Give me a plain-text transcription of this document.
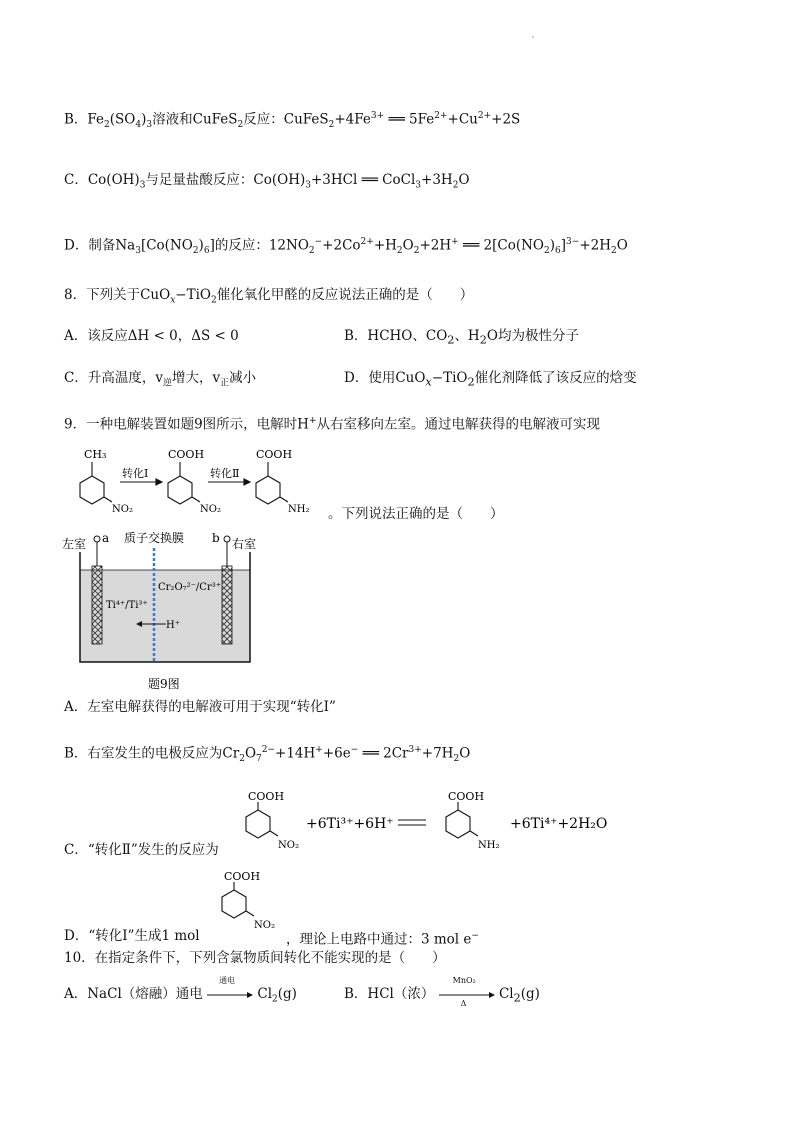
B．$Fe_2(SO_4)_3$溶液和CuFeS$_2$反应：$CuFeS_2+4Fe^{3+}$ ══ $5Fe^{2+}+Cu^{2+}+2S$
C．$Co(OH)_3$与足量盐酸反应：$Co(OH)_3+3HCl$ ══ $CoCl_3+3H_2O$
D．制备$Na_3[Co(NO_2)_6]$的反应：$12NO_2^-+2Co^{2+}+H_2O_2+2H^+$ ══ $2[Co(NO_2)_6]^{3-}+2H_2O$
8．下列关于CuO$_x$−TiO$_2$催化氧化甲醛的反应说法正确的是（　　）
A．该反应ΔH < 0，ΔS < 0	B．HCHO、$CO_2$、$H_2O$均为极性分子
C．升高温度，$v_逆$增大，$v_正$减小	D．使用CuO$_x$−TiO$_2$催化剂降低了该反应的焓变
9．一种电解装置如题9图所示，电解时H+从右室移向左室。通过电解获得的电解液可实现
CH₃
NO₂
转化Ⅰ
COOH
NO₂
转化Ⅱ
COOH
NH₂ 。下列说法正确的是（　　）
左室 a 质子交换膜 b 右室
Ti⁴⁺/Ti³⁺
Cr₂O₇²⁻/Cr³⁺
H⁺
题9图
A．左室电解获得的电解液可用于实现“转化Ⅰ”
B．右室发生的电极反应为$Cr_2O_7^{2-}+14H^++6e^-$ ══ $2Cr^{3+}+7H_2O$
COOH
NO₂
+6Ti³⁺+6H⁺
COOH
NH₂
+6Ti⁴⁺+2H₂O
C．“转化Ⅱ”发生的反应为
COOH
NO₂
D．“转化Ⅰ”生成1 mol	，理论上电路中通过：3 mol e−
10．在指定条件下，下列含氯物质间转化不能实现的是（　　）
A．NaCl（熔融）通电
通电
$Cl_2(g)$	B．HCl（浓）
MnO₂
Δ
$Cl_2(g)$
